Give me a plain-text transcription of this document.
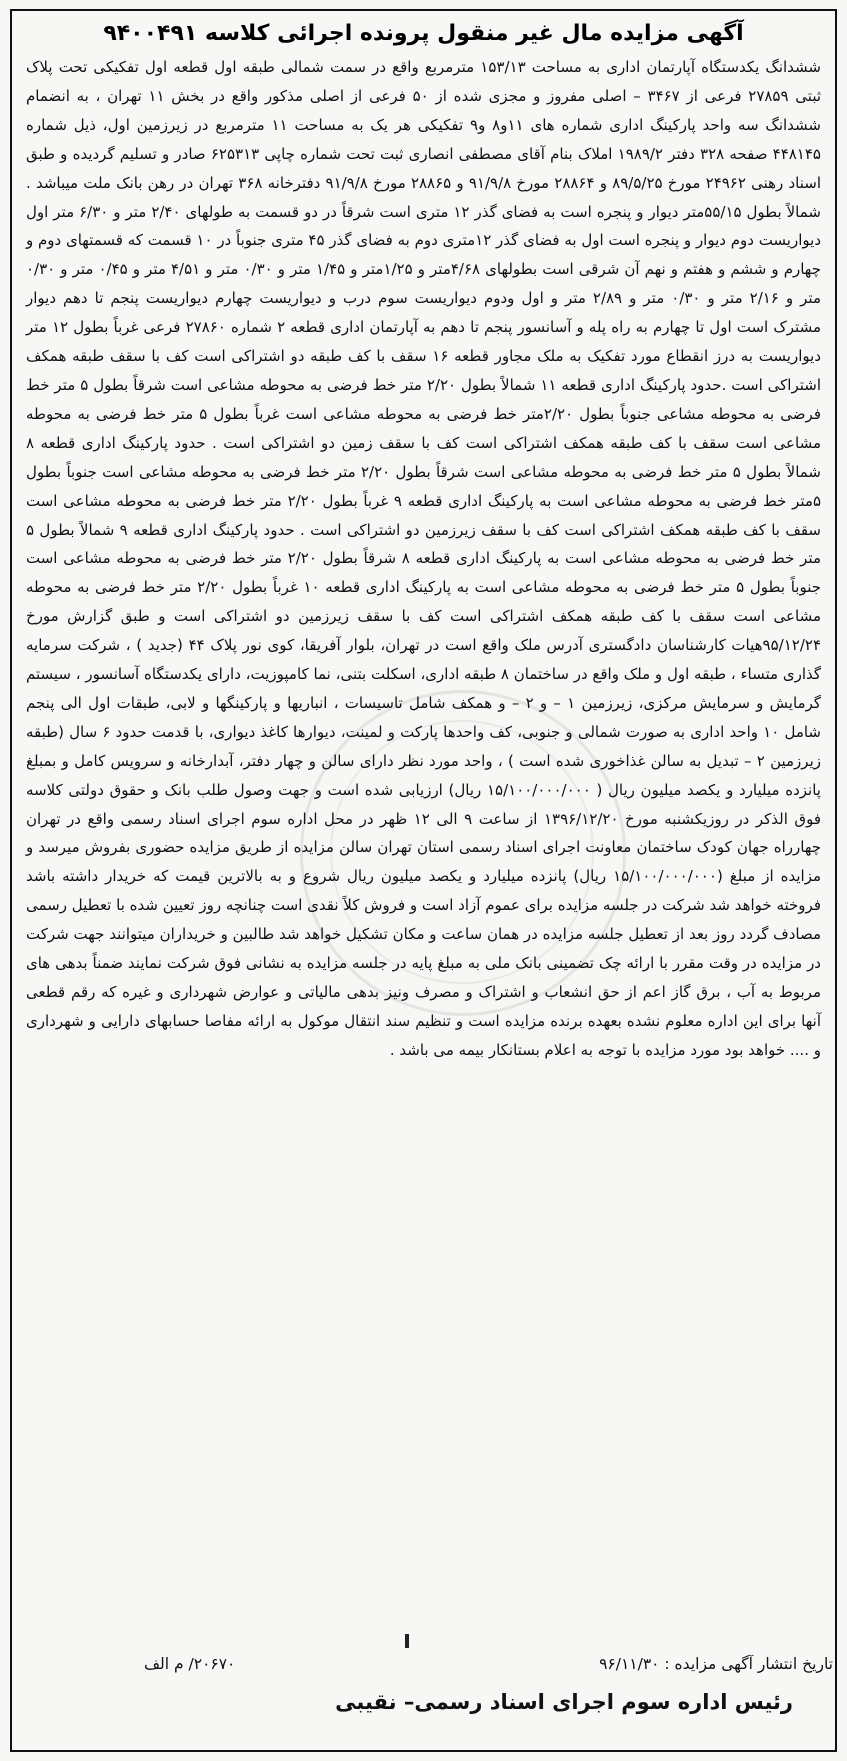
آگهی مزایده مال غیر منقول پرونده اجرائی کلاسه ۹۴۰۰۴۹۱

ششدانگ یکدستگاه آپارتمان اداری به مساحت ۱۵۳/۱۳ مترمربع واقع در سمت شمالی طبقه اول قطعه اول تفکیکی تحت پلاک ثبتی ۲۷۸۵۹ فرعی از ۳۴۶۷ – اصلی مفروز و مجزی شده از ۵۰ فرعی از اصلی مذکور واقع در بخش ۱۱ تهران ، به انضمام ششدانگ سه واحد پارکینگ اداری شماره های ۱۱و۸ و۹ تفکیکی هر یک به مساحت ۱۱ مترمربع در زیرزمین اول، ذیل شماره ۴۴۸۱۴۵ صفحه ۳۲۸ دفتر ۱۹۸۹/۲ املاک بنام آقای مصطفی انصاری ثبت تحت شماره چاپی ۶۲۵۳۱۳ صادر و تسلیم گردیده و طبق اسناد رهنی ۲۴۹۶۲ مورخ ۸۹/۵/۲۵ و ۲۸۸۶۴ مورخ ۹۱/۹/۸ و ۲۸۸۶۵ مورخ ۹۱/۹/۸ دفترخانه ۳۶۸ تهران در رهن بانک ملت میباشد . شمالاً بطول ۵۵/۱۵متر دیوار و پنجره است به فضای گذر ۱۲ متری است شرقاً در دو قسمت به طولهای ۲/۴۰ متر و ۶/۳۰ متر اول دیواریست دوم دیوار و پنجره است اول به فضای گذر ۱۲متری دوم به فضای گذر ۴۵ متری جنوباً در ۱۰ قسمت که قسمتهای دوم و چهارم و ششم و هفتم و نهم آن شرقی است بطولهای ۴/۶۸متر و ۱/۲۵متر و ۱/۴۵ متر و ۰/۳۰ متر و ۴/۵۱ متر و ۰/۴۵ متر و ۰/۳۰ متر و ۲/۱۶ متر و ۰/۳۰ متر و ۲/۸۹ متر و اول ودوم دیواریست سوم درب و دیواریست چهارم دیواریست پنجم تا دهم دیوار مشترک است اول تا چهارم به راه پله و آسانسور پنجم تا دهم به آپارتمان اداری قطعه ۲ شماره ۲۷۸۶۰ فرعی غرباً بطول ۱۲ متر دیواریست به درز انقطاع مورد تفکیک به ملک مجاور قطعه ۱۶ سقف با کف طبقه دو اشتراکی است کف با سقف طبقه همکف اشتراکی است .حدود پارکینگ اداری قطعه ۱۱ شمالاً بطول ۲/۲۰ متر خط فرضی به محوطه مشاعی است شرقاً بطول ۵ متر خط فرضی به محوطه مشاعی جنوباً بطول ۲/۲۰متر خط فرضی به محوطه مشاعی است غرباً بطول ۵ متر خط فرضی به محوطه مشاعی است سقف با کف طبقه همکف اشتراکی است کف با سقف زمین دو اشتراکی است . حدود پارکینگ اداری قطعه ۸ شمالاً بطول ۵ متر خط فرضی به محوطه مشاعی است شرقاً بطول ۲/۲۰ متر خط فرضی به محوطه مشاعی است جنوباً بطول ۵متر خط فرضی به محوطه مشاعی است به پارکینگ اداری قطعه ۹ غرباً بطول ۲/۲۰ متر خط فرضی به محوطه مشاعی است سقف با کف طبقه همکف اشتراکی است کف با سقف زیرزمین دو اشتراکی است . حدود پارکینگ اداری قطعه ۹ شمالاً بطول ۵ متر خط فرضی به محوطه مشاعی است به پارکینگ اداری قطعه ۸ شرقاً بطول ۲/۲۰ متر خط فرضی به محوطه مشاعی است جنوباً بطول ۵ متر خط فرضی به محوطه مشاعی است به پارکینگ اداری قطعه ۱۰ غرباً بطول ۲/۲۰ متر خط فرضی به محوطه مشاعی است سقف با کف طبقه همکف اشتراکی است کف با سقف زیرزمین دو اشتراکی است و طبق گزارش مورخ ۹۵/۱۲/۲۴هیات کارشناسان دادگستری آدرس ملک واقع است در تهران، بلوار آفریقا، کوی نور پلاک ۴۴ (جدید ) ، شرکت سرمایه گذاری متساء ، طبقه اول و ملک واقع در ساختمان ۸ طبقه اداری، اسکلت بتنی، نما کامپوزیت، دارای یکدستگاه آسانسور ، سیستم گرمایش و سرمایش مرکزی، زیرزمین ۱ – و ۲ – و همکف شامل تاسیسات ، انباریها و پارکینگها و لابی، طبقات اول الی پنجم شامل ۱۰ واحد اداری به صورت شمالی و جنوبی، کف واحدها پارکت و لمینت، دیوارها کاغذ دیواری، با قدمت حدود ۶ سال (طبقه زیرزمین ۲ – تبدیل به سالن غذاخوری شده است ) ، واحد مورد نظر دارای سالن و چهار دفتر، آبدارخانه و سرویس کامل و بمبلغ پانزده میلیارد و یکصد میلیون ریال ( ۱۵/۱۰۰/۰۰۰/۰۰۰ ریال) ارزیابی شده است و جهت وصول طلب بانک و حقوق دولتی کلاسه فوق الذکر در روزیکشنبه مورخ ۱۳۹۶/۱۲/۲۰ از ساعت ۹ الی ۱۲ ظهر در محل اداره سوم اجرای اسناد رسمی واقع در تهران چهارراه جهان کودک ساختمان معاونت اجرای اسناد رسمی استان تهران سالن مزایده از طریق مزایده حضوری بفروش میرسد و مزایده از مبلغ (۱۵/۱۰۰/۰۰۰/۰۰۰ ریال) پانزده میلیارد و یکصد میلیون ریال شروع و به بالاترین قیمت که خریدار داشته باشد فروخته خواهد شد شرکت در جلسه مزایده برای عموم آزاد است و فروش کلاً نقدی است چنانچه روز تعیین شده با تعطیل رسمی مصادف گردد روز بعد از تعطیل جلسه مزایده در همان ساعت و مکان تشکیل خواهد شد طالبین و خریداران میتوانند جهت شرکت در مزایده در وقت مقرر با ارائه چک تضمینی بانک ملی به مبلغ پایه در جلسه مزایده به نشانی فوق شرکت نمایند ضمناً بدهی های مربوط به آب ، برق گاز اعم از حق انشعاب و اشتراک و مصرف ونیز بدهی مالیاتی و عوارض شهرداری و غیره که رقم قطعی آنها برای این اداره معلوم نشده بعهده برنده مزایده است و تنظیم سند انتقال موکول به ارائه مفاصا حسابهای دارایی و شهرداری و .... خواهد بود مورد مزایده با توجه به اعلام بستانکار بیمه می باشد .

تاریخ انتشار آگهی مزایده : ۹۶/۱۱/۳۰
۲۰۶۷۰/ م الف
رئیس اداره سوم اجرای اسناد رسمی– نقیبی
